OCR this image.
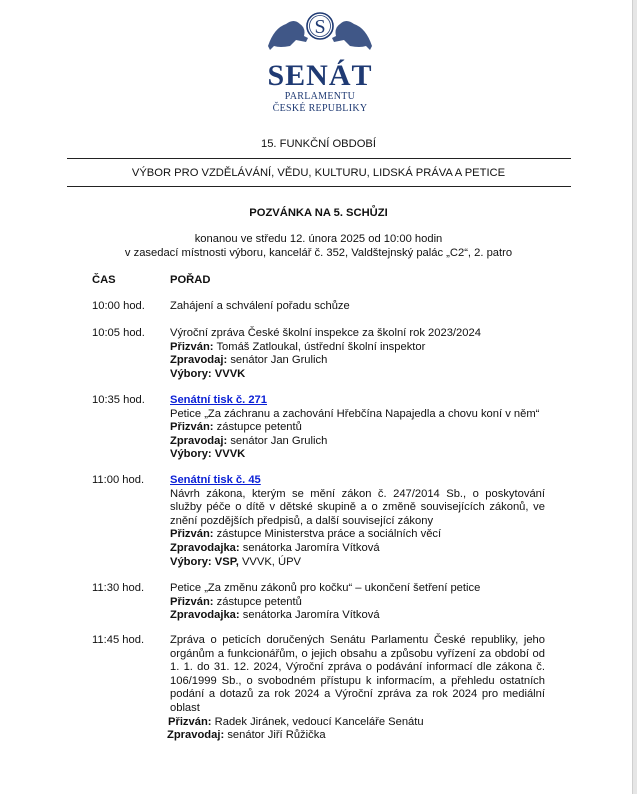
S
SENÁT
PARLAMENTU
ČESKÉ REPUBLIKY
15. FUNKČNÍ OBDOBÍ
VÝBOR PRO VZDĚLÁVÁNÍ, VĚDU, KULTURU, LIDSKÁ PRÁVA A PETICE
POZVÁNKA NA 5. SCHŮZI
konanou ve středu 12. února 2025 od 10:00 hodin
v zasedací místnosti výboru, kancelář č. 352, Valdštejnský palác „C2“, 2. patro
ČAS	POŘAD
10:00 hod. Zahájení a schválení pořadu schůze
10:05 hod. Výroční zpráva České školní inspekce za školní rok 2023/2024
Přizván: Tomáš Zatloukal, ústřední školní inspektor
Zpravodaj: senátor Jan Grulich
Výbory: VVVK
10:35 hod. Senátní tisk č. 271
Petice „Za záchranu a zachování Hřebčína Napajedla a chovu koní v něm“
Přizván: zástupce petentů
Zpravodaj: senátor Jan Grulich
Výbory: VVVK
11:00 hod. Senátní tisk č. 45
Návrh zákona, kterým se mění zákon č. 247/2014 Sb., o poskytování služby péče o dítě v dětské skupině a o změně souvisejících zákonů, ve znění pozdějších předpisů, a další související zákony
Přizván: zástupce Ministerstva práce a sociálních věcí
Zpravodajka: senátorka Jaromíra Vítková
Výbory: VSP, VVVK, ÚPV
11:30 hod. Petice „Za změnu zákonů pro kočku“ – ukončení šetření petice
Přizván: zástupce petentů
Zpravodajka: senátorka Jaromíra Vítková
11:45 hod. Zpráva o peticích doručených Senátu Parlamentu České republiky, jeho orgánům a funkcionářům, o jejich obsahu a způsobu vyřízení za období od 1. 1. do 31. 12. 2024, Výroční zpráva o podávání informací dle zákona č. 106/1999 Sb., o svobodném přístupu k informacím, a přehledu ostatních podání a dotazů za rok 2024 a Výroční zpráva za rok 2024 pro mediální oblast
Přizván: Radek Jiránek, vedoucí Kanceláře Senátu
Zpravodaj: senátor Jiří Růžička
